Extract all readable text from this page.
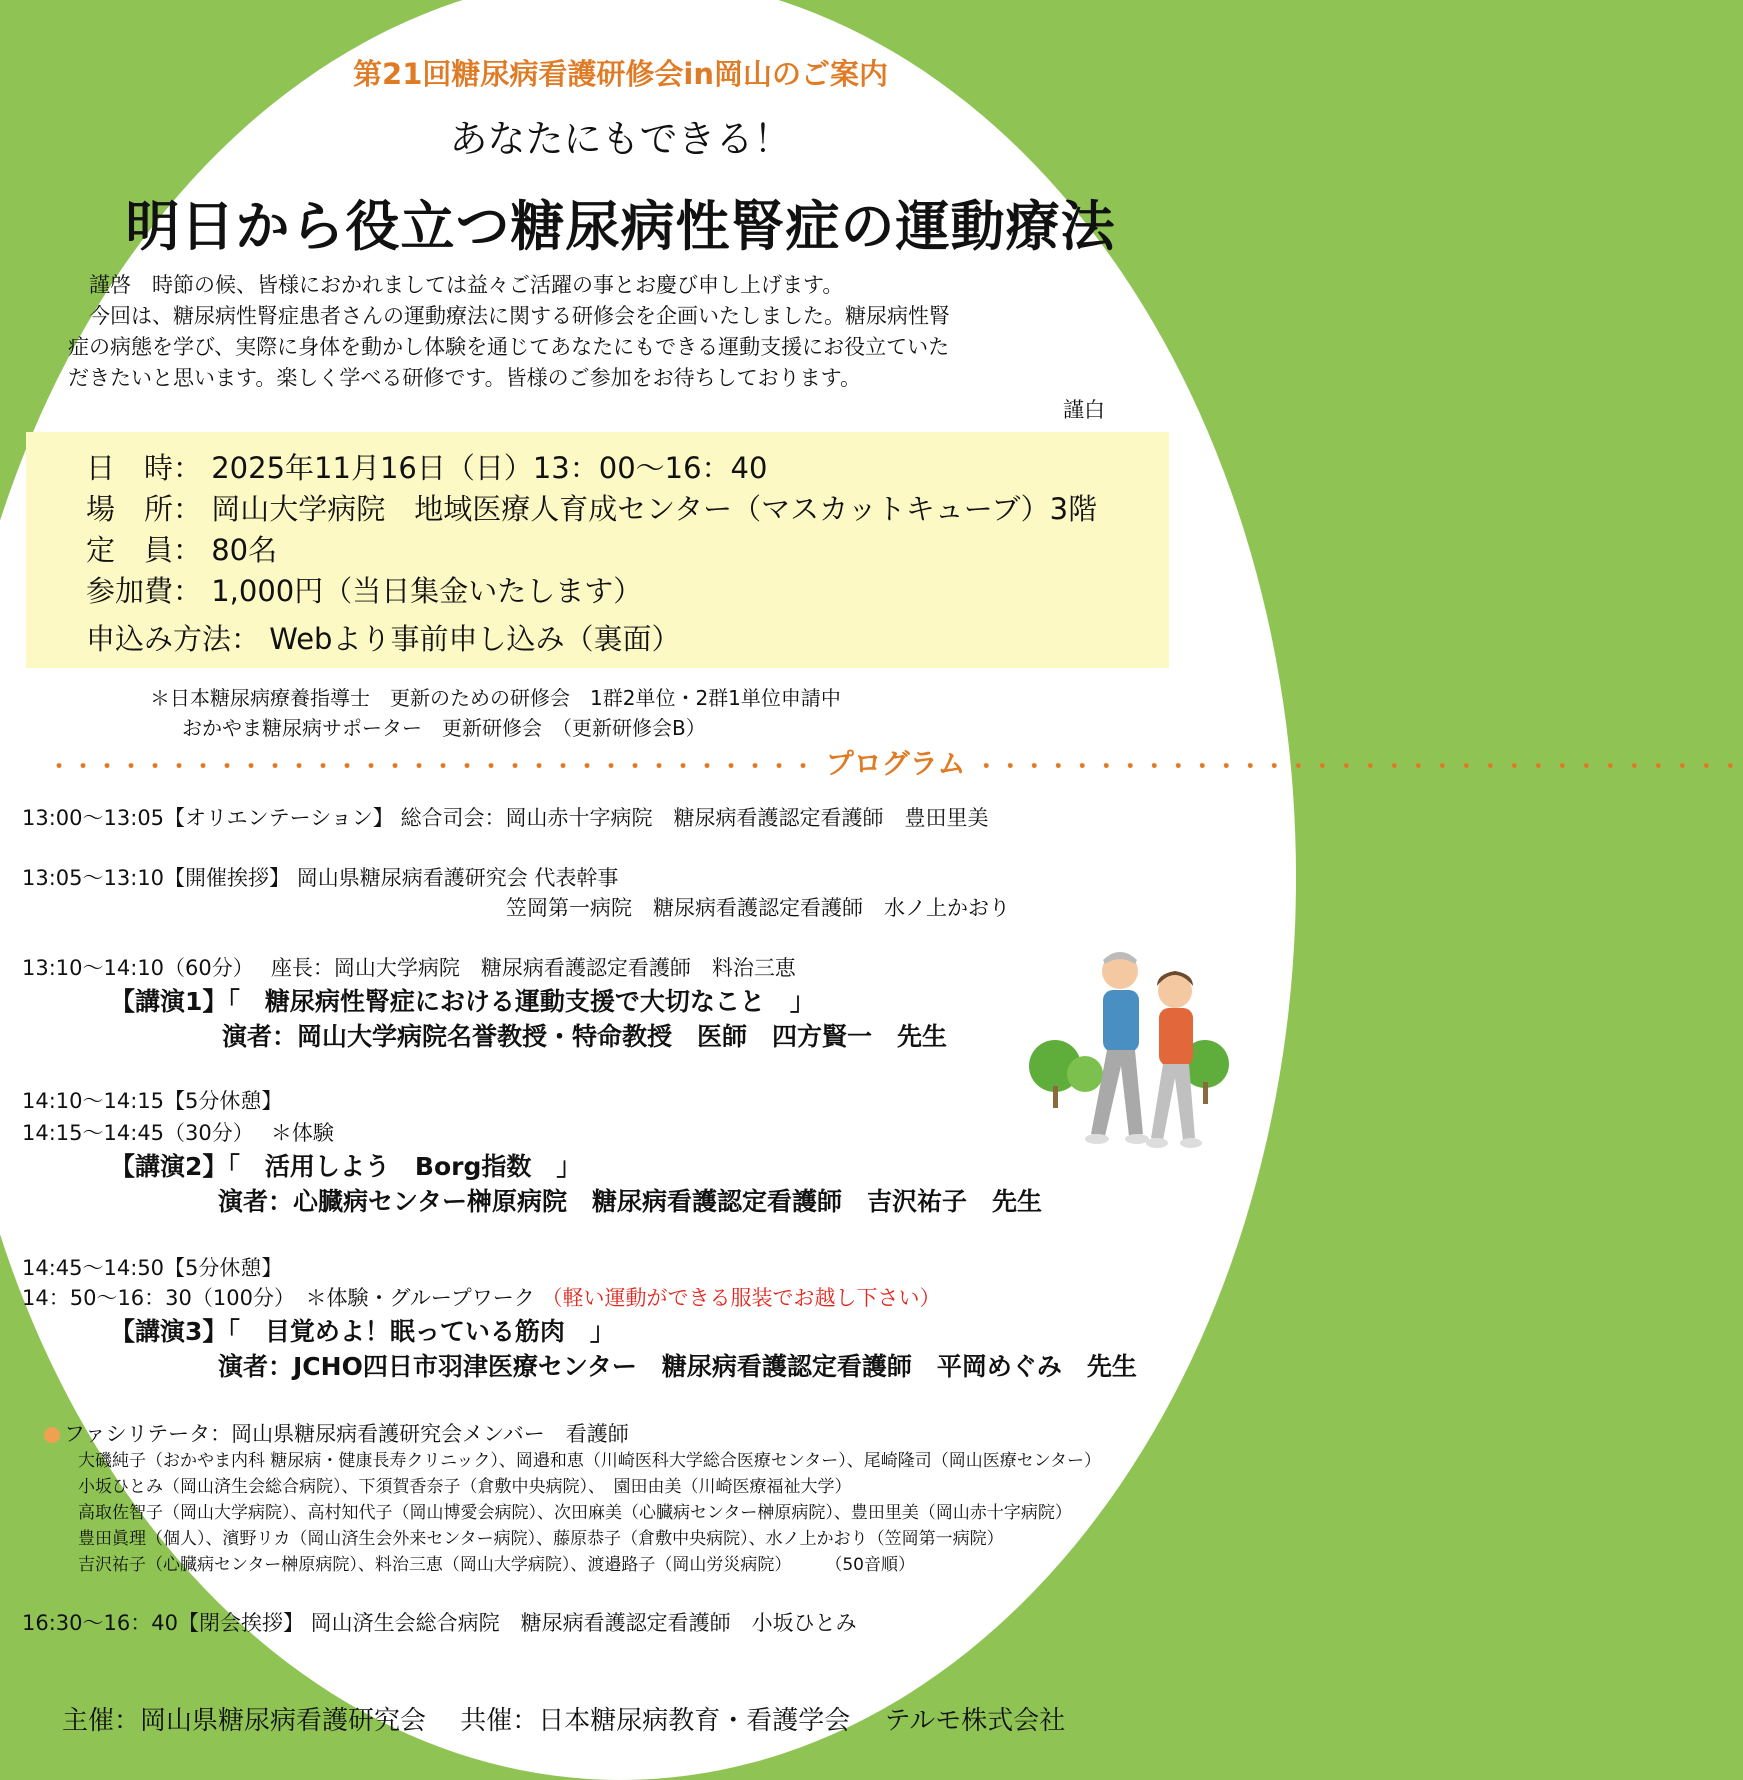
第21回糖尿病看護研修会in岡山のご案内
あなたにもできる！
明日から役立つ糖尿病性腎症の運動療法
　謹啓　時節の候、皆様におかれましては益々ご活躍の事とお慶び申し上げます。
　今回は、糖尿病性腎症患者さんの運動療法に関する研修会を企画いたしました。糖尿病性腎
症の病態を学び、実際に身体を動かし体験を通じてあなたにもできる運動支援にお役立ていた
だきたいと思います。楽しく学べる研修です。皆様のご参加をお待ちしております。
謹白
日　時： 2025年11月16日（日）13：00～16：40
場　所： 岡山大学病院　地域医療人育成センター（マスカットキューブ）3階
定　員： 80名
参加費： 1,000円（当日集金いたします）
申込み方法： Webより事前申し込み（裏面）
＊日本糖尿病療養指導士　更新のための研修会　1群2単位・2群1単位申請中
おかやま糖尿病サポーター　更新研修会　（更新研修会B）
・・・・・・・・・・・・・・・・・・・・・・・・・・・・・・・・ プログラム ・・・・・・・・・・・・・・・・・・・・・・・・・・・・・・・・
13:00～13:05【オリエンテーション】 総合司会：岡山赤十字病院　糖尿病看護認定看護師　豊田里美
13:05～13:10【開催挨拶】 岡山県糖尿病看護研究会 代表幹事
笠岡第一病院　糖尿病看護認定看護師　水ノ上かおり
13:10～14:10（60分）　 座長：岡山大学病院　糖尿病看護認定看護師　料治三恵
【講演1】「　糖尿病性腎症における運動支援で大切なこと　」
演者：岡山大学病院名誉教授・特命教授　医師　四方賢一　先生
14:10～14:15【5分休憩】
14:15～14:45（30分）　 ＊体験
【講演2】「　活用しよう　Borg指数　」
演者：心臓病センター榊原病院　糖尿病看護認定看護師　吉沢祐子　先生
14:45～14:50【5分休憩】
14：50～16：30（100分）　＊体験・グループワーク （軽い運動ができる服装でお越し下さい）
【講演3】「　目覚めよ！眠っている筋肉　」
演者：JCHO四日市羽津医療センター　糖尿病看護認定看護師　平岡めぐみ　先生
ファシリテータ：岡山県糖尿病看護研究会メンバー　看護師
大磯純子（おかやま内科 糖尿病・健康長寿クリニック）、岡邉和恵（川崎医科大学総合医療センター）、尾崎隆司（岡山医療センター）
小坂ひとみ（岡山済生会総合病院）、下須賀香奈子（倉敷中央病院）、　園田由美（川崎医療福祉大学）
高取佐智子（岡山大学病院）、高村知代子（岡山博愛会病院）、次田麻美（心臓病センター榊原病院）、豊田里美（岡山赤十字病院）
豊田眞理（個人）、濱野リカ（岡山済生会外来センター病院）、藤原恭子（倉敷中央病院）、水ノ上かおり（笠岡第一病院）
吉沢祐子（心臓病センター榊原病院）、料治三恵（岡山大学病院）、渡邉路子（岡山労災病院）　　　（50音順）
16:30～16：40【閉会挨拶】 岡山済生会総合病院　糖尿病看護認定看護師　小坂ひとみ
主催：岡山県糖尿病看護研究会　 共催：日本糖尿病教育・看護学会　 テルモ株式会社
